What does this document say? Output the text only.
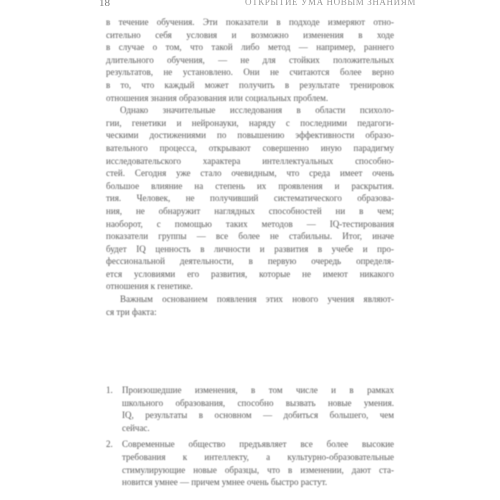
18	ОТКРЫТИЕ УМА НОВЫМ ЗНАНИЯМ
в течение обучения. Эти показатели в подходе измеряют отно-
сительно себя условия и возможно изменения в ходе
в случае о том, что такой либо метод — например, раннего
длительного обучения, — не для стойких положительных
результатов, не установлено. Они не считаются более верно
в то, что каждый может получить в результате тренировок
отношения знания образования или социальных проблем.
Однако значительные исследования в области психоло-
гии, генетики и нейронауки, наряду с последними педагоги-
ческими достижениями по повышению эффективности образо-
вательного процесса, открывают совершенно иную парадигму
исследовательского характера интеллектуальных способно-
стей. Сегодня уже стало очевидным, что среда имеет очень
большое влияние на степень их проявления и раскрытия.
тия. Человек, не получивший систематического образова-
ния, не обнаружит наглядных способностей ни в чем;
наоборот, с помощью таких методов — IQ-тестирования
показатели группы — все более не стабильны. Итог, иначе
будет IQ ценность в личности и развития в учебе и про-
фессиональной деятельности, в первую очередь определя-
ется условиями его развития, которые не имеют никакого
отношения к генетике.
Важным основанием появления этих нового учения являют-
ся три факта:
1. Произошедшие изменения, в том числе и в рамках
школьного образования, способно вызвать новые умения.
IQ, результаты в основном — добиться большего, чем
сейчас.
2. Современные общество предъявляет все более высокие
требования к интеллекту, а культурно-образовательные
стимулирующие новые образцы, что в изменении, дают ста-
новится умнее — причем умнее очень быстро растут.
